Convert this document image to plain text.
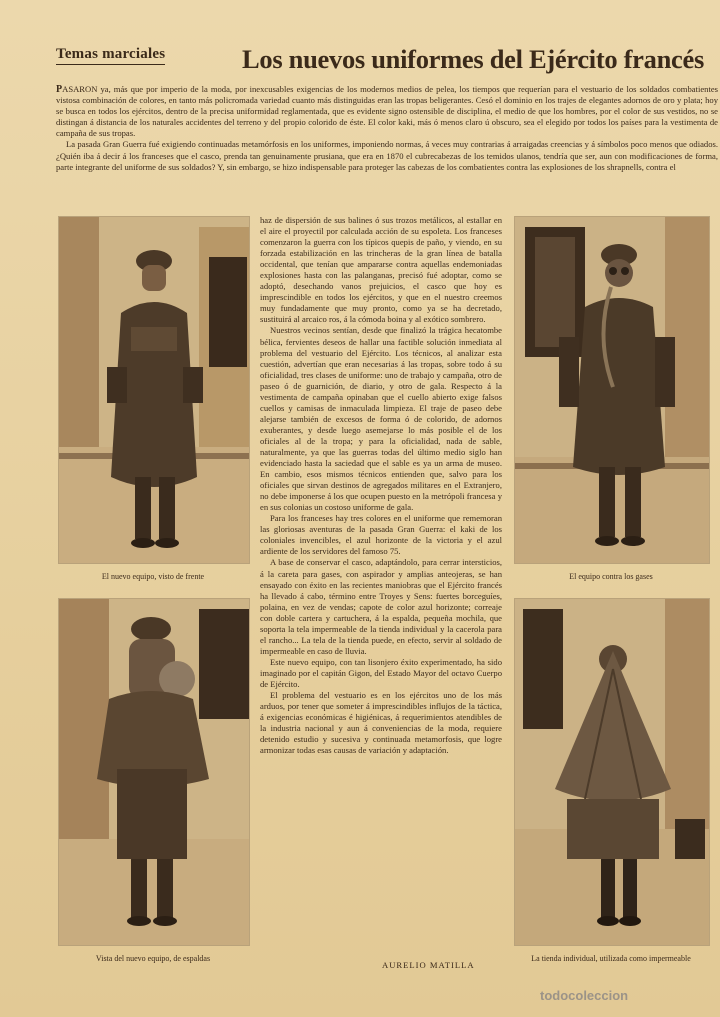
Temas marciales	Los nuevos uniformes del Ejército francés

PASARON ya, más que por imperio de la moda, por inexcusables exigencias de los modernos medios de pelea, los tiempos que requerían para el vestuario de los soldados combatientes vistosa combinación de colores, en tanto más policromada variedad cuanto más distinguidas eran las tropas beligerantes. Cesó el dominio en los trajes de elegantes adornos de oro y plata; hoy se busca en todos los ejércitos, dentro de la precisa uniformidad reglamentada, que es evidente signo ostensible de disciplina, el medio de que los hombres, por el color de sus vestidos, no se distingan á distancia de los naturales accidentes del terreno y del propio colorido de éste. El color kaki, más ó menos claro ú obscuro, sea el elegido por todos los países para la vestimenta de campaña de sus tropas.

La pasada Gran Guerra fué exigiendo continuadas metamórfosis en los uniformes, imponiendo normas, á veces muy contrarias á arraigadas creencias y á símbolos poco menos que odiados. ¿Quién iba á decir á los franceses que el casco, prenda tan genuinamente prusiana, que era en 1870 el cubrecabezas de los temidos ulanos, tendría que ser, aun con modificaciones de forma, parte integrante del uniforme de sus soldados? Y, sin embargo, se hizo indispensable para proteger las cabezas de los combatientes contra las explosiones de los shrapnells, contra el

El nuevo equipo, visto de frente	El equipo contra los gases
Vista del nuevo equipo, de espaldas	La tienda individual, utilizada como impermeable

haz de dispersión de sus balines ó sus trozos metálicos, al estallar en el aire el proyectil por calculada acción de su espoleta. Los franceses comenzaron la guerra con los típicos quepis de paño, y viendo, en su forzada estabilización en las trincheras de la gran línea de batalla occidental, que tenían que ampararse contra aquellas endemoniadas explosiones hasta con las palanganas, precisó fué adoptar, como se adoptó, desechando vanos prejuicios, el casco que hoy es imprescindible en todos los ejércitos, y que en el nuestro creemos muy fundadamente que muy pronto, como ya se ha decretado, sustituirá al arcaico ros, á la cómoda boina y al exótico sombrero.

Nuestros vecinos sentían, desde que finalizó la trágica hecatombe bélica, fervientes deseos de hallar una factible solución inmediata al problema del vestuario del Ejército. Los técnicos, al analizar esta cuestión, advertían que eran necesarias á las tropas, sobre todo á su oficialidad, tres clases de uniforme: uno de trabajo y campaña, otro de paseo ó de guarnición, de diario, y otro de gala. Respecto á la vestimenta de campaña opinaban que el cuello abierto exige falsos cuellos y camisas de inmaculada limpieza. El traje de paseo debe alejarse también de excesos de forma ó de colorido, de adornos exuberantes, y desde luego asemejarse lo más posible el de los oficiales al de la tropa; y para la oficialidad, nada de sable, naturalmente, ya que las guerras todas del último medio siglo han evidenciado hasta la saciedad que el sable es ya un arma de museo. En cambio, esos mismos técnicos entienden que, salvo para los oficiales que sirvan destinos de agregados militares en el Extranjero, no debe imponerse á los que ocupen puesto en la metrópoli francesa y en sus colonias un costoso uniforme de gala.

Para los franceses hay tres colores en el uniforme que rememoran las gloriosas aventuras de la pasada Gran Guerra: el kaki de los coloniales invencibles, el azul horizonte de la victoria y el azul ardiente de los servidores del famoso 75.

A base de conservar el casco, adaptándolo, para cerrar intersticios, á la careta para gases, con aspirador y amplias anteojeras, se han ensayado con éxito en las recientes maniobras que el Ejército francés ha llevado á cabo, término entre Troyes y Sens: fuertes borceguíes, polaina, en vez de vendas; capote de color azul horizonte; correaje con doble cartera y cartuchera, á la espalda, pequeña mochila, que soporta la tela impermeable de la tienda individual y la cacerola para el rancho... La tela de la tienda puede, en efecto, servir al soldado de impermeable en caso de lluvia.

Este nuevo equipo, con tan lisonjero éxito experimentado, ha sido imaginado por el capitán Gigon, del Estado Mayor del octavo Cuerpo de Ejército.

El problema del vestuario es en los ejércitos uno de los más arduos, por tener que someter á imprescindibles influjos de la táctica, á exigencias económicas é higiénicas, á requerimientos atendibles de la industria nacional y aun á conveniencias de la moda, requiere detenido estudio y sucesiva y continuada metamorfosis, que logre armonizar todas esas causas de variación y adaptación.

AURELIO MATILLA
todocoleccion
